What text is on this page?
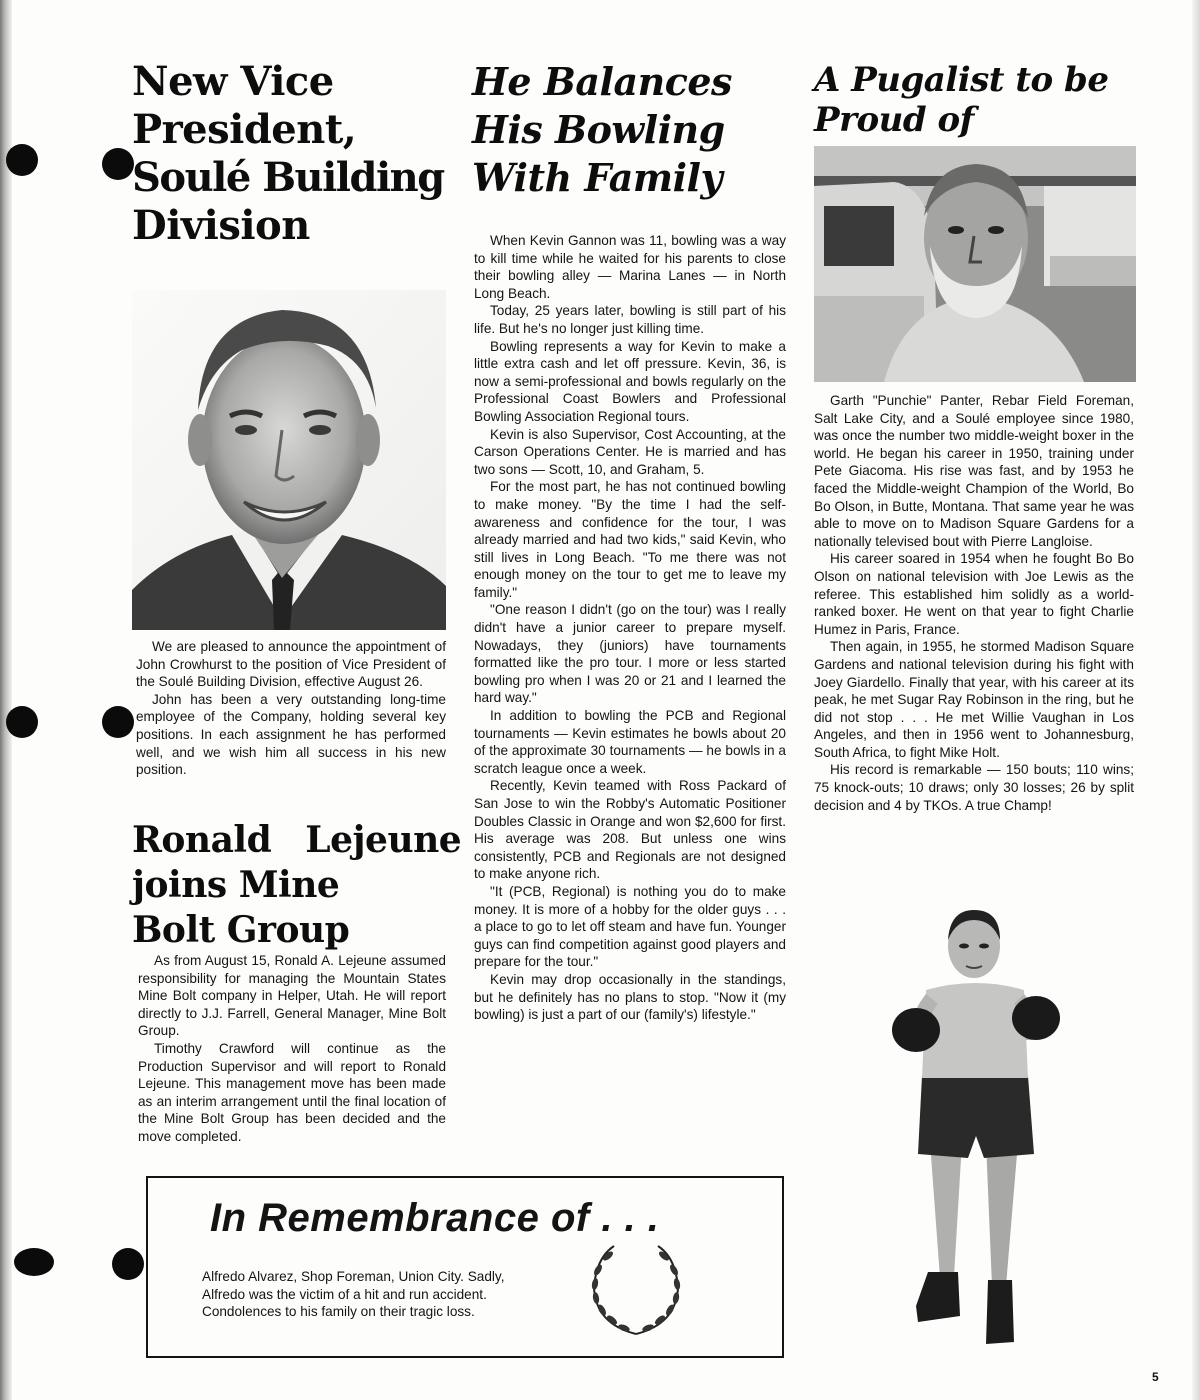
New Vice
President,
Soulé Building
Division

We are pleased to announce the appointment of John Crowhurst to the position of Vice President of the Soulé Building Division, effective August 26.

John has been a very outstanding long-time employee of the Company, holding several key positions. In each assignment he has performed well, and we wish him all success in his new position.

Ronald Lejeune
joins Mine
Bolt Group

As from August 15, Ronald A. Lejeune assumed responsibility for managing the Mountain States Mine Bolt company in Helper, Utah. He will report directly to J.J. Farrell, General Manager, Mine Bolt Group.

Timothy Crawford will continue as the Production Supervisor and will report to Ronald Lejeune. This management move has been made as an interim arrangement until the final location of the Mine Bolt Group has been decided and the move completed.

He Balances
His Bowling
With Family

When Kevin Gannon was 11, bowling was a way to kill time while he waited for his parents to close their bowling alley — Marina Lanes — in North Long Beach.

Today, 25 years later, bowling is still part of his life. But he's no longer just killing time.

Bowling represents a way for Kevin to make a little extra cash and let off pressure. Kevin, 36, is now a semi-professional and bowls regularly on the Professional Coast Bowlers and Professional Bowling Association Regional tours.

Kevin is also Supervisor, Cost Accounting, at the Carson Operations Center. He is married and has two sons — Scott, 10, and Graham, 5.

For the most part, he has not continued bowling to make money. "By the time I had the self-awareness and confidence for the tour, I was already married and had two kids," said Kevin, who still lives in Long Beach. "To me there was not enough money on the tour to get me to leave my family."

"One reason I didn't (go on the tour) was I really didn't have a junior career to prepare myself. Nowadays, they (juniors) have tournaments formatted like the pro tour. I more or less started bowling pro when I was 20 or 21 and I learned the hard way."

In addition to bowling the PCB and Regional tournaments — Kevin estimates he bowls about 20 of the approximate 30 tournaments — he bowls in a scratch league once a week.

Recently, Kevin teamed with Ross Packard of San Jose to win the Robby's Automatic Positioner Doubles Classic in Orange and won $2,600 for first. His average was 208. But unless one wins consistently, PCB and Regionals are not designed to make anyone rich.

"It (PCB, Regional) is nothing you do to make money. It is more of a hobby for the older guys . . . a place to go to let off steam and have fun. Younger guys can find competition against good players and prepare for the tour."

Kevin may drop occasionally in the standings, but he definitely has no plans to stop. "Now it (my bowling) is just a part of our (family's) lifestyle."

A Pugalist to be
Proud of

Garth "Punchie" Panter, Rebar Field Foreman, Salt Lake City, and a Soulé employee since 1980, was once the number two middle-weight boxer in the world. He began his career in 1950, training under Pete Giacoma. His rise was fast, and by 1953 he faced the Middle-weight Champion of the World, Bo Bo Olson, in Butte, Montana. That same year he was able to move on to Madison Square Gardens for a nationally televised bout with Pierre Langloise.

His career soared in 1954 when he fought Bo Bo Olson on national television with Joe Lewis as the referee. This established him solidly as a world-ranked boxer. He went on that year to fight Charlie Humez in Paris, France.

Then again, in 1955, he stormed Madison Square Gardens and national television during his fight with Joey Giardello. Finally that year, with his career at its peak, he met Sugar Ray Robinson in the ring, but he did not stop . . . He met Willie Vaughan in Los Angeles, and then in 1956 went to Johannesburg, South Africa, to fight Mike Holt.

His record is remarkable — 150 bouts; 110 wins; 75 knock-outs; 10 draws; only 30 losses; 26 by split decision and 4 by TKOs. A true Champ!

In Remembrance of . . .
Alfredo Alvarez, Shop Foreman, Union City. Sadly, Alfredo was the victim of a hit and run accident. Condolences to his family on their tragic loss.
5
